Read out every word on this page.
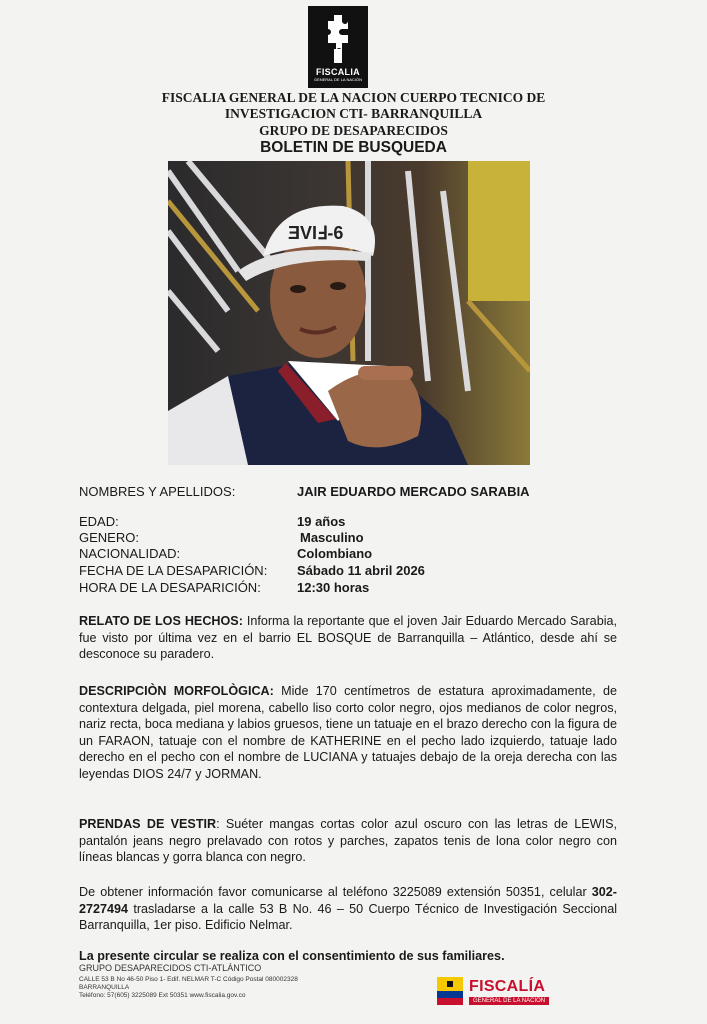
FISCALIA
GENERAL DE LA NACIÓN
FISCALIA GENERAL DE LA NACION CUERPO TECNICO DE
INVESTIGACION CTI- BARRANQUILLA
GRUPO DE DESAPARECIDOS
BOLETIN DE BUSQUEDA
ƎVIℲ-6
NOMBRES Y APELLIDOS:	JAIR EDUARDO MERCADO SARABIA
EDAD:	19 años
GENERO:	Masculino
NACIONALIDAD:	Colombiano
FECHA DE LA DESAPARICIÓN: Sábado 11 abril 2026
HORA DE LA DESAPARICIÓN:	12:30 horas
RELATO DE LOS HECHOS: Informa la reportante que el joven Jair Eduardo Mercado Sarabia, fue visto por última vez en el barrio EL BOSQUE de Barranquilla – Atlántico, desde ahí se desconoce su paradero.
DESCRIPCIÒN MORFOLÒGICA: Mide 170 centímetros de estatura aproximadamente, de contextura delgada, piel morena, cabello liso corto color negro, ojos medianos de color negros, nariz recta, boca mediana y labios gruesos, tiene un tatuaje en el brazo derecho con la figura de un FARAON, tatuaje con el nombre de KATHERINE en el pecho lado izquierdo, tatuaje lado derecho en el pecho con el nombre de LUCIANA y tatuajes debajo de la oreja derecha con las leyendas DIOS 24/7 y JORMAN.
PRENDAS DE VESTIR: Suéter mangas cortas color azul oscuro con las letras de LEWIS, pantalón jeans negro prelavado con rotos y parches, zapatos tenis de lona color negro con líneas blancas y gorra blanca con negro.
De obtener información favor comunicarse al teléfono 3225089 extensión 50351, celular 302-2727494 trasladarse a la calle 53 B No. 46 – 50 Cuerpo Técnico de Investigación Seccional Barranquilla, 1er piso. Edificio Nelmar.
La presente circular se realiza con el consentimiento de sus familiares.
GRUPO DESAPARECIDOS CTI-ATLÁNTICO
CALLE 53 B No 46-50 Piso 1- Edif. NELMAR T-C Código Postal 080002328
BARRANQUILLA
Teléfono: 57(605) 3225089 Ext 50351 www.fiscalia.gov.co
FISCALÍA
GENERAL DE LA NACIÓN
